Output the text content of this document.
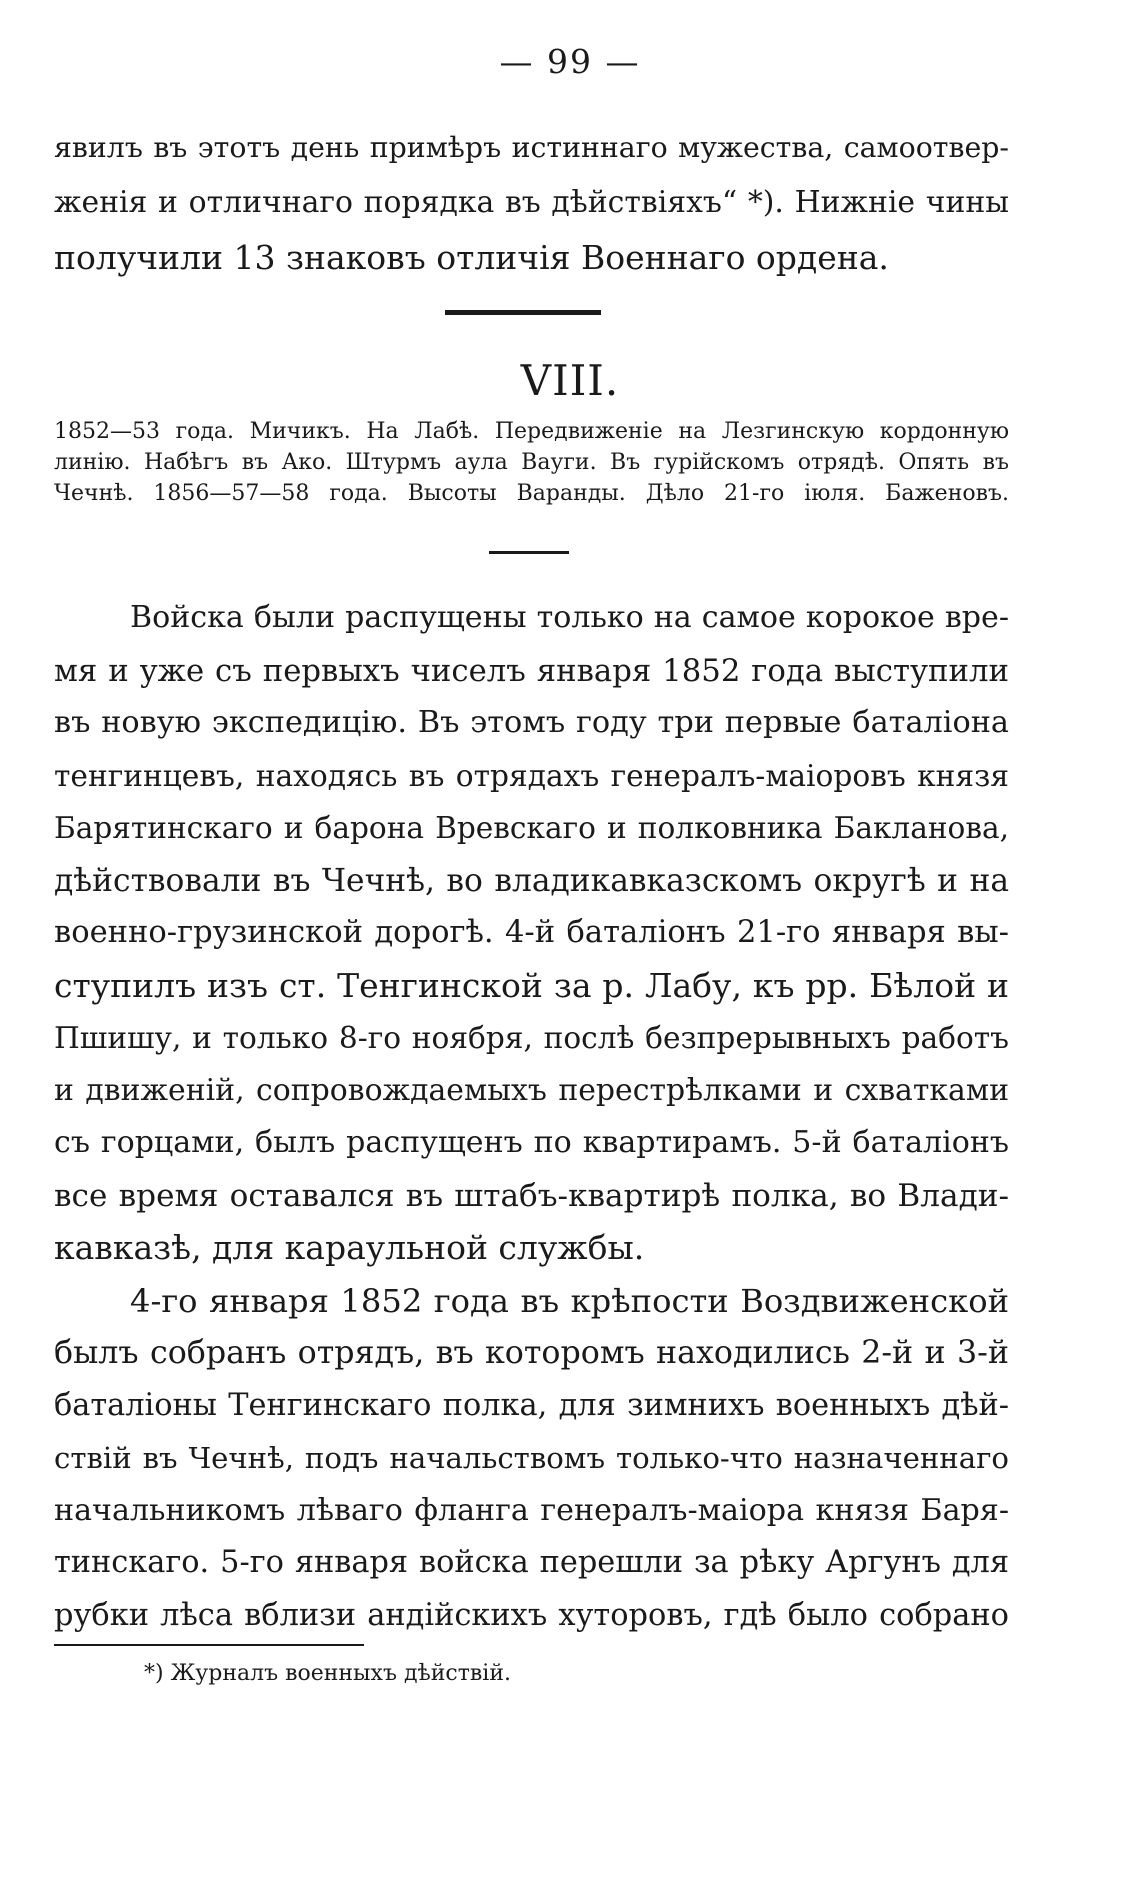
— 99 —
явилъ въ этотъ день примѣръ истиннаго мужества, самоотвер-
женія и отличнаго порядка въ дѣйствіяхъ“ *). Нижніе чины
получили 13 знаковъ отличія Военнаго ордена.
VIII.
1852—53 года. Мичикъ. На Лабѣ. Передвиженіе на Лезгинскую кордонную
линію. Набѣгъ въ Ако. Штурмъ аула Вауги. Въ гурійскомъ отрядѣ. Опять въ
Чечнѣ. 1856—57—58 года. Высоты Варанды. Дѣло 21-го іюля. Баженовъ.

Войска были распущены только на самое корокое вре-
мя и уже съ первыхъ чиселъ января 1852 года выступили
въ новую экспедицію. Въ этомъ году три первые баталіона
тенгинцевъ, находясь въ отрядахъ генералъ-маіоровъ князя
Барятинскаго и барона Вревскаго и полковника Бакланова,
дѣйствовали въ Чечнѣ, во владикавказскомъ округѣ и на
военно-грузинской дорогѣ. 4-й баталіонъ 21-го января вы-
ступилъ изъ ст. Тенгинской за р. Лабу, къ рр. Бѣлой и
Пшишу, и только 8-го ноября, послѣ безпрерывныхъ работъ
и движеній, сопровождаемыхъ перестрѣлками и схватками
съ горцами, былъ распущенъ по квартирамъ. 5-й баталіонъ
все время оставался въ штабъ-квартирѣ полка, во Влади-
кавказѣ, для караульной службы.

4-го января 1852 года въ крѣпости Воздвиженской
былъ собранъ отрядъ, въ которомъ находились 2-й и 3-й
баталіоны Тенгинскаго полка, для зимнихъ военныхъ дѣй-
ствій въ Чечнѣ, подъ начальствомъ только-что назначеннаго
начальникомъ лѣваго фланга генералъ-маіора князя Баря-
тинскаго. 5-го января войска перешли за рѣку Аргунъ для
рубки лѣса вблизи андійскихъ хуторовъ, гдѣ было собрано

*) Журналъ военныхъ дѣйствій.
